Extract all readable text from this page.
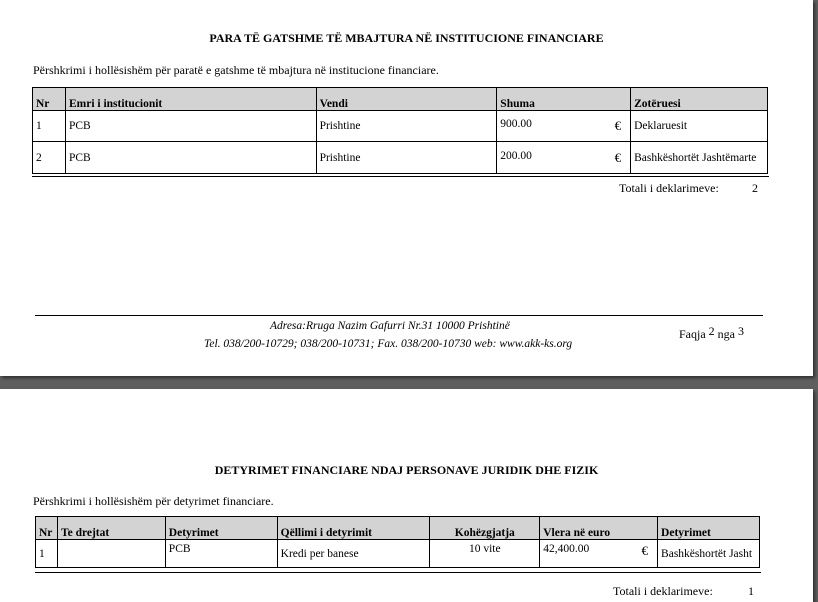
PARA TË GATSHME TË MBAJTURA NË INSTITUCIONE FINANCIARE
Përshkrimi i hollësishëm për paratë e gatshme të mbajtura në institucione financiare.
Nr	Emri i institucionit	Vendi	Shuma	Zotëruesi
1	PCB	Prishtine	900.00 €	Deklaruesit
2	PCB	Prishtine	200.00 €	Bashkëshortët Jashtëmarte
Totali i deklarimeve:	2
Adresa:Rruga Nazim Gafurri Nr.31 10000 Prishtinë
Tel. 038/200-10729; 038/200-10731; Fax. 038/200-10730 web: www.akk-ks.org
Faqja $^2$ nga $^3$
DETYRIMET FINANCIARE NDAJ PERSONAVE JURIDIK DHE FIZIK
Përshkrimi i hollësishëm për detyrimet financiare.
Nr	Te drejtat	Detyrimet	Qëllimi i detyrimit	Kohëzgjatja	Vlera në euro	Detyrimet
1		PCB	Kredi per banese	10 vite	42,400.00 €	Bashkëshortët Jasht
Totali i deklarimeve:	1
